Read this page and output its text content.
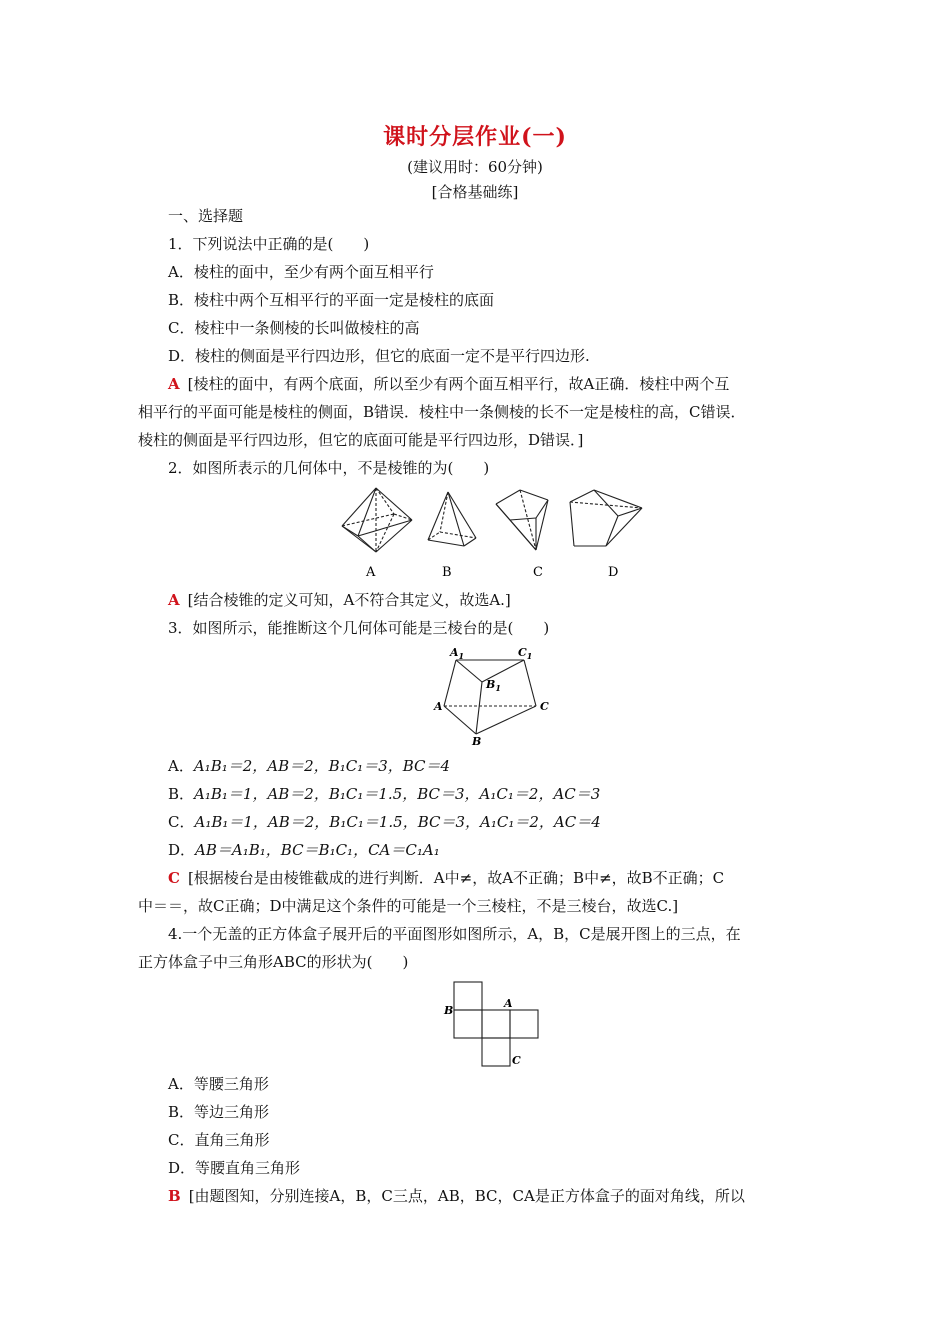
课时分层作业(一)
(建议用时：60分钟)
[合格基础练]
一、选择题
1．下列说法中正确的是(　　)
A．棱柱的面中，至少有两个面互相平行
B．棱柱中两个互相平行的平面一定是棱柱的底面
C．棱柱中一条侧棱的长叫做棱柱的高
D．棱柱的侧面是平行四边形，但它的底面一定不是平行四边形.
A [棱柱的面中，有两个底面，所以至少有两个面互相平行，故A正确．棱柱中两个互
相平行的平面可能是棱柱的侧面，B错误．棱柱中一条侧棱的长不一定是棱柱的高，C错误．
棱柱的侧面是平行四边形，但它的底面可能是平行四边形，D错误．]
2．如图所表示的几何体中，不是棱锥的为(　　)
A	B	C	D
A [结合棱锥的定义可知，A不符合其定义，故选A.]
3．如图所示，能推断这个几何体可能是三棱台的是(　　)
$A_1$	$C_1$
$B_1$
A	C
B
A．A₁B₁＝2，AB＝2，B₁C₁＝3，BC＝4
B．A₁B₁＝1，AB＝2，B₁C₁＝1.5，BC＝3，A₁C₁＝2，AC＝3
C．A₁B₁＝1，AB＝2，B₁C₁＝1.5，BC＝3，A₁C₁＝2，AC＝4
D．AB＝A₁B₁，BC＝B₁C₁，CA＝C₁A₁
C [根据棱台是由棱锥截成的进行判断．A中≠，故A不正确；B中≠，故B不正确；C
中＝＝，故C正确；D中满足这个条件的可能是一个三棱柱，不是三棱台，故选C.]
4.一个无盖的正方体盒子展开后的平面图形如图所示，A，B，C是展开图上的三点，在
正方体盒子中三角形ABC的形状为(　　)
B
A
C
A．等腰三角形
B．等边三角形
C．直角三角形
D．等腰直角三角形
B [由题图知，分别连接A，B，C三点，AB，BC，CA是正方体盒子的面对角线，所以
